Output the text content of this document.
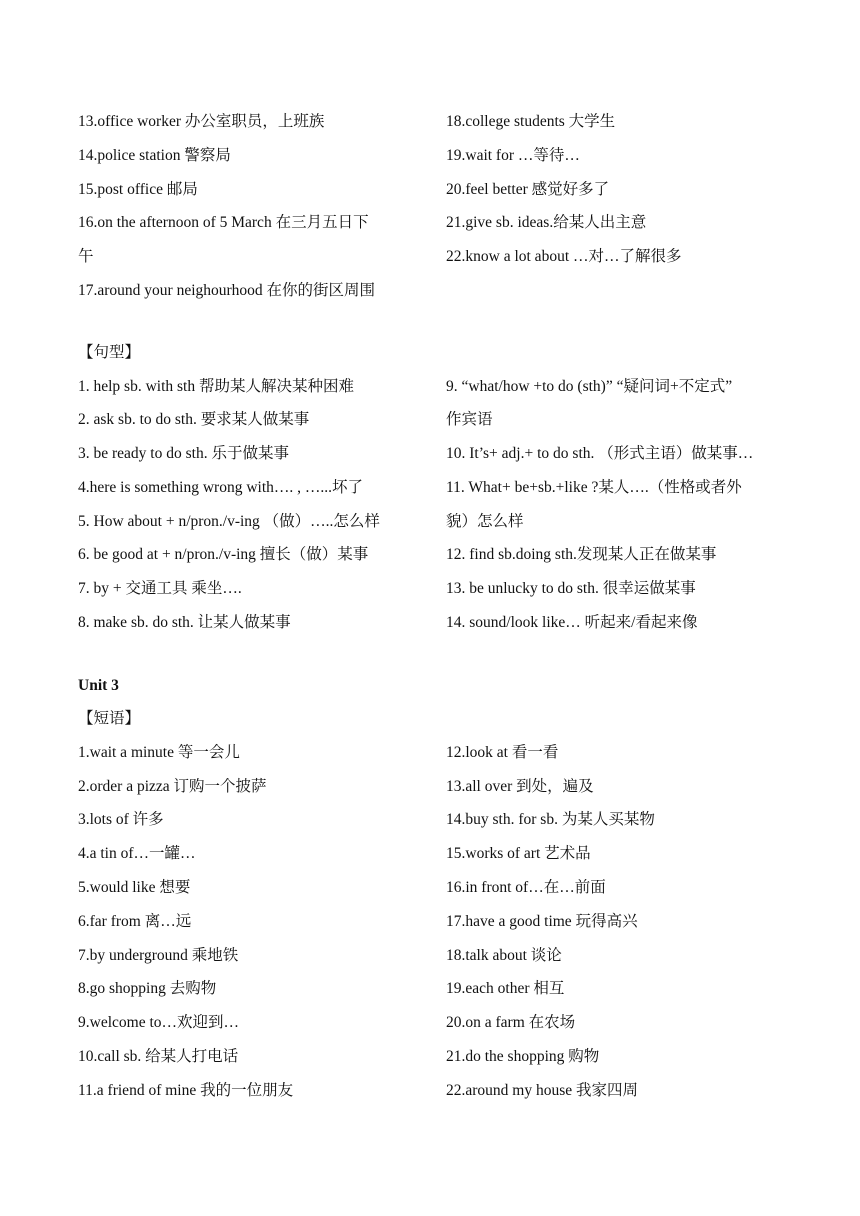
13.office worker 办公室职员，上班族
14.police station 警察局
15.post office 邮局
16.on the afternoon of 5 March 在三月五日下
午
17.around your neighourhood 在你的街区周围
18.college students 大学生
19.wait for …等待…
20.feel better 感觉好多了
21.give sb. ideas.给某人出主意
22.know a lot about …对…了解很多
【句型】
1. help sb. with sth 帮助某人解决某种困难
2. ask sb. to do sth. 要求某人做某事
3. be ready to do sth. 乐于做某事
4.here is something wrong with…. , …...坏了
5. How about + n/pron./v-ing （做）…..怎么样
6. be good at + n/pron./v-ing 擅长（做）某事
7. by + 交通工具 乘坐….
8. make sb. do sth. 让某人做某事
9. “what/how +to do (sth)” “疑问词+不定式”
作宾语
10. It’s+ adj.+ to do sth. （形式主语）做某事…
11. What+ be+sb.+like ?某人….（性格或者外
貌）怎么样
12. find sb.doing sth.发现某人正在做某事
13. be unlucky to do sth. 很幸运做某事
14. sound/look like… 听起来/看起来像
Unit 3
【短语】
1.wait a minute 等一会儿
2.order a pizza 订购一个披萨
3.lots of 许多
4.a tin of…一罐…
5.would like 想要
6.far from 离…远
7.by underground 乘地铁
8.go shopping 去购物
9.welcome to…欢迎到…
10.call sb. 给某人打电话
11.a friend of mine 我的一位朋友
12.look at 看一看
13.all over 到处，遍及
14.buy sth. for sb. 为某人买某物
15.works of art 艺术品
16.in front of…在…前面
17.have a good time 玩得高兴
18.talk about 谈论
19.each other 相互
20.on a farm 在农场
21.do the shopping 购物
22.around my house 我家四周
